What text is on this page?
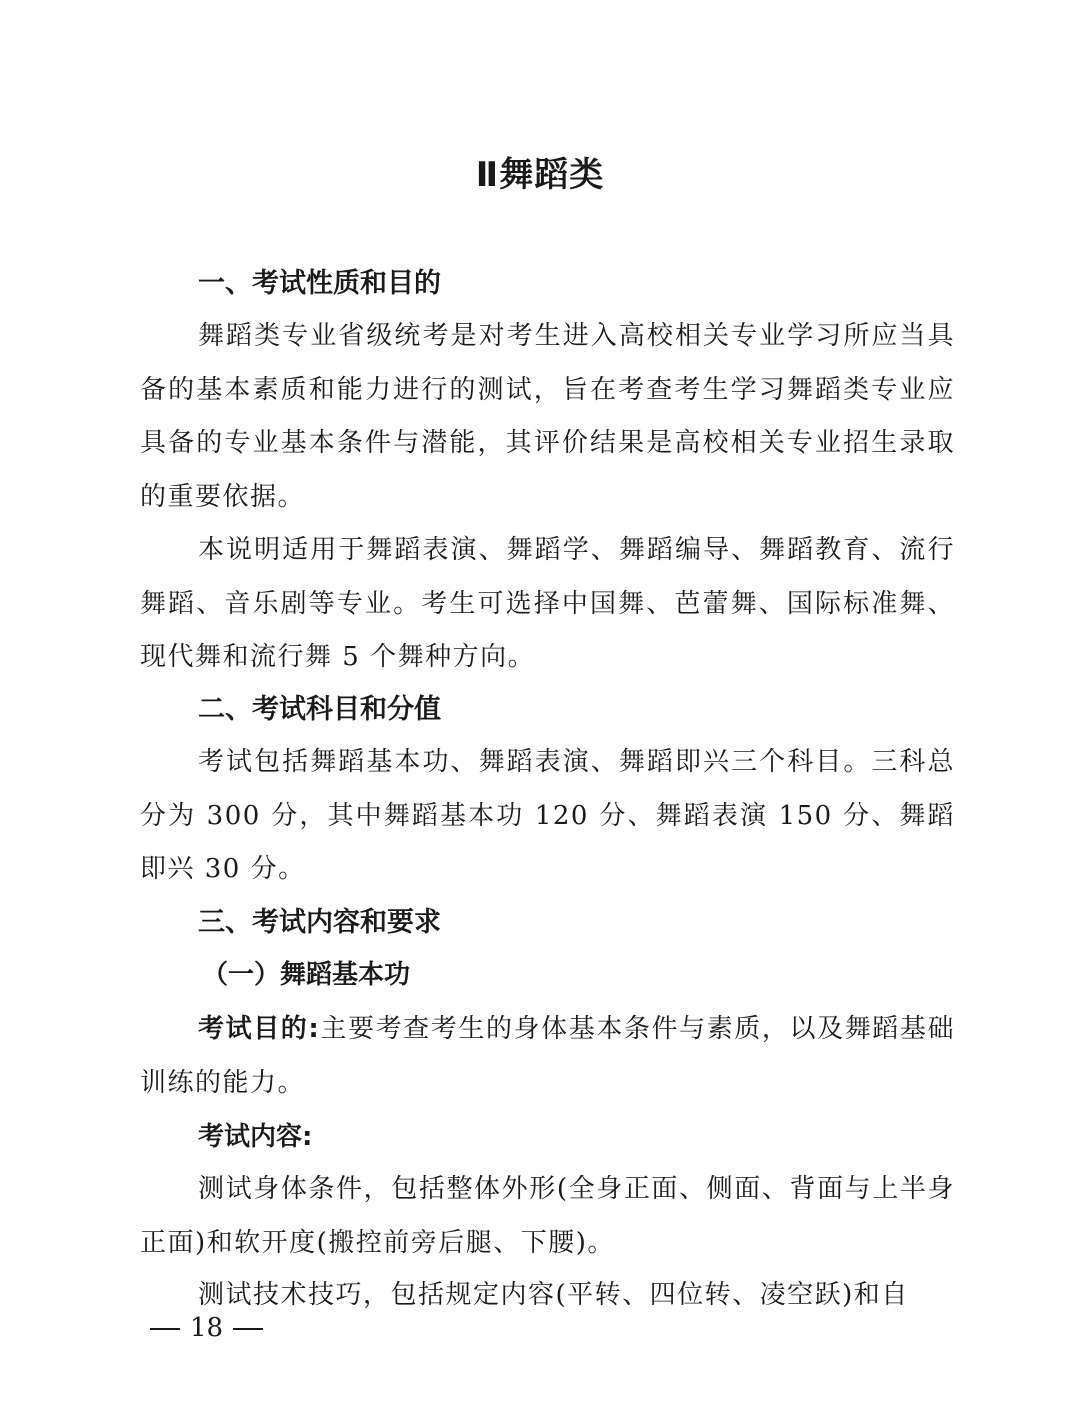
Ⅱ舞蹈类
一、考试性质和目的

舞蹈类专业省级统考是对考生进入高校相关专业学习所应当具备的基本素质和能力进行的测试，旨在考查考生学习舞蹈类专业应具备的专业基本条件与潜能，其评价结果是高校相关专业招生录取的重要依据。

本说明适用于舞蹈表演、舞蹈学、舞蹈编导、舞蹈教育、流行舞蹈、音乐剧等专业。考生可选择中国舞、芭蕾舞、国际标准舞、现代舞和流行舞 5 个舞种方向。

二、考试科目和分值

考试包括舞蹈基本功、舞蹈表演、舞蹈即兴三个科目。三科总分为 300 分，其中舞蹈基本功 120 分、舞蹈表演 150 分、舞蹈即兴 30 分。

三、考试内容和要求
（一）舞蹈基本功

考试目的:主要考查考生的身体基本条件与素质，以及舞蹈基础训练的能力。

考试内容:

测试身体条件，包括整体外形(全身正面、侧面、背面与上半身正面)和软开度(搬控前旁后腿、下腰)。

测试技术技巧，包括规定内容(平转、四位转、凌空跃)和自

18
